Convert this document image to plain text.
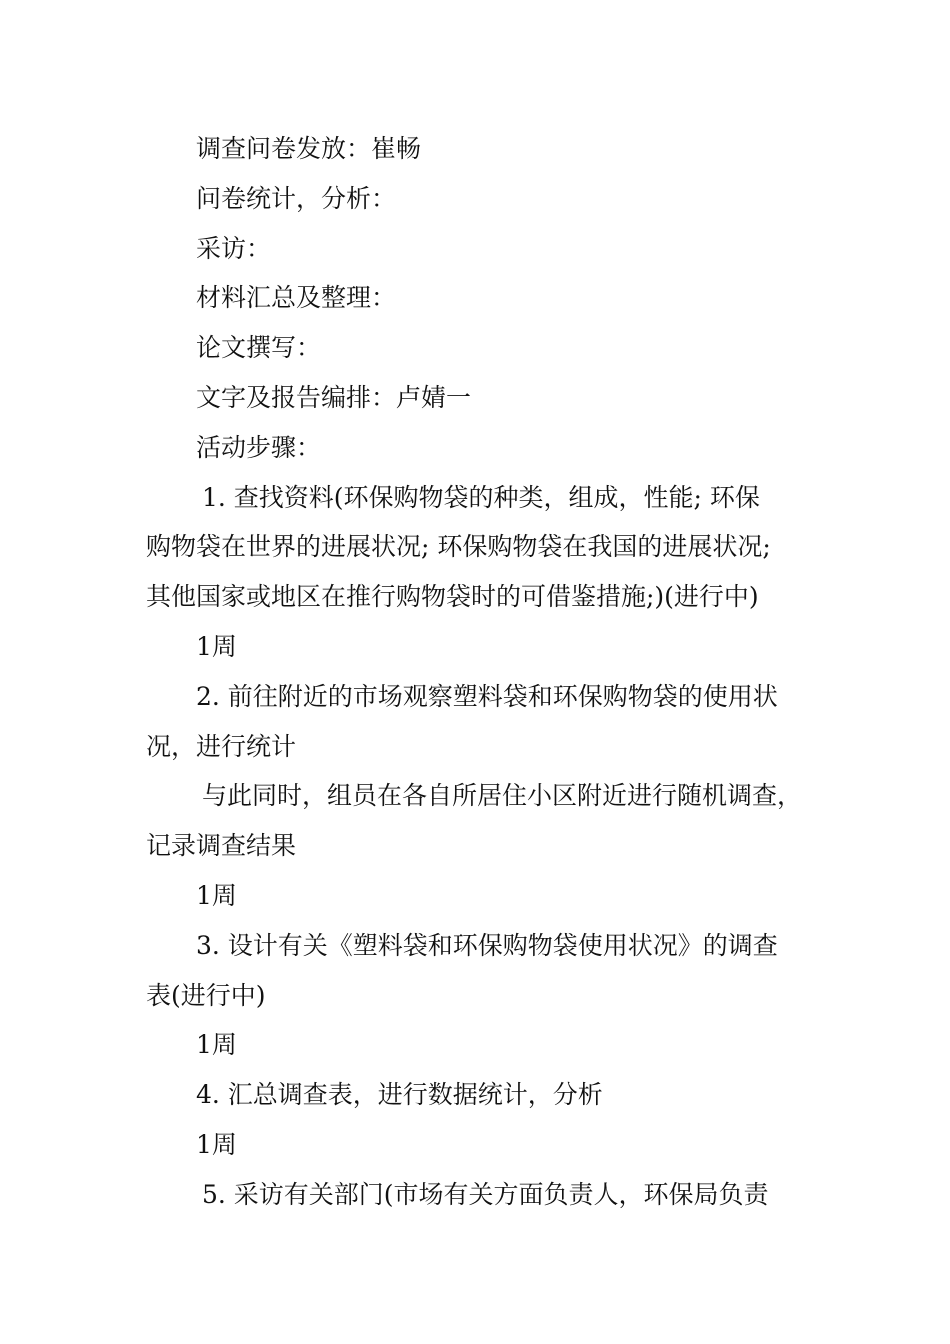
调查问卷发放：崔畅

问卷统计，分析：

采访：

材料汇总及整理：

论文撰写：

文字及报告编排：卢婧一

活动步骤：

1. 查找资料(环保购物袋的种类，组成，性能; 环保

购物袋在世界的进展状况; 环保购物袋在我国的进展状况;

其他国家或地区在推行购物袋时的可借鉴措施;)(进行中)

1周

2. 前往附近的市场观察塑料袋和环保购物袋的使用状

况，进行统计

与此同时，组员在各自所居住小区附近进行随机调查，

记录调查结果

1周

3. 设计有关《塑料袋和环保购物袋使用状况》的调查

表(进行中)

1周

4. 汇总调查表，进行数据统计，分析

1周

5. 采访有关部门(市场有关方面负责人，环保局负责
